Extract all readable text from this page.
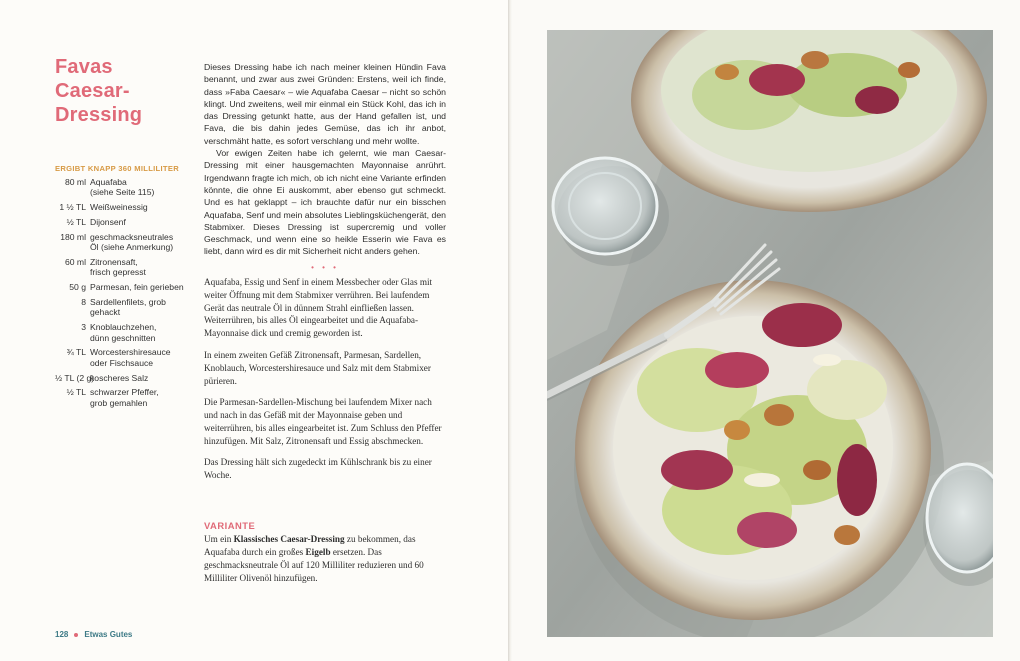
Favas
Caesar-
Dressing
ERGIBT KNAPP 360 MILLILITER
80 ml Aquafaba
(siehe Seite 115)
1 ½ TL Weißweinessig
½ TL Dijonsenf
180 ml geschmacksneutrales
Öl (siehe Anmerkung)
60 ml Zitronensaft,
frisch gepresst
50 g Parmesan, fein gerieben
8 Sardellenfilets, grob gehackt
3 Knoblauchzehen,
dünn geschnitten
¾ TL Worcestershiresauce
oder Fischsauce
½ TL (2 g)
koscheres Salz
½ TL schwarzer Pfeffer,
grob gemahlen

Dieses Dressing habe ich nach meiner kleinen Hündin Fava benannt, und zwar aus zwei Gründen: Erstens, weil ich finde, dass »Faba Caesar« – wie Aquafaba Caesar – nicht so schön klingt. Und zweitens, weil mir einmal ein Stück Kohl, das ich in das Dressing getunkt hatte, aus der Hand gefallen ist, und Fava, die bis dahin jedes Gemüse, das ich ihr anbot, verschmäht hatte, es sofort verschlang und mehr wollte.

Vor ewigen Zeiten habe ich gelernt, wie man Caesar-Dressing mit einer hausgemachten Mayonnaise anrührt. Irgendwann fragte ich mich, ob ich nicht eine Variante erfinden könnte, die ohne Ei auskommt, aber ebenso gut schmeckt. Und es hat geklappt – ich brauchte dafür nur ein bisschen Aquafaba, Senf und mein absolutes Lieblingsküchengerät, den Stabmixer. Dieses Dressing ist supercremig und voller Geschmack, und wenn eine so heikle Esserin wie Fava es liebt, dann wird es dir mit Sicherheit nicht anders gehen.

• • •

Aquafaba, Essig und Senf in einem Messbecher oder Glas mit weiter Öffnung mit dem Stabmixer verrühren. Bei laufendem Gerät das neutrale Öl in dünnem Strahl einfließen lassen. Weiterrühren, bis alles Öl eingearbeitet und die Aquafaba-Mayonnaise dick und cremig geworden ist.

In einem zweiten Gefäß Zitronensaft, Parmesan, Sardellen, Knoblauch, Worcestershiresauce und Salz mit dem Stabmixer pürieren.

Die Parmesan-Sardellen-Mischung bei laufendem Mixer nach und nach in das Gefäß mit der Mayonnaise geben und weiterrühren, bis alles eingearbeitet ist. Zum Schluss den Pfeffer hinzufügen. Mit Salz, Zitronensaft und Essig abschmecken.

Das Dressing hält sich zugedeckt im Kühlschrank bis zu einer Woche.

VARIANTE

Um ein Klassisches Caesar-Dressing zu bekommen, das Aquafaba durch ein großes Eigelb ersetzen. Das geschmacksneutrale Öl auf 120 Milliliter reduzieren und 60 Milliliter Olivenöl hinzufügen.

128 Etwas Gutes
